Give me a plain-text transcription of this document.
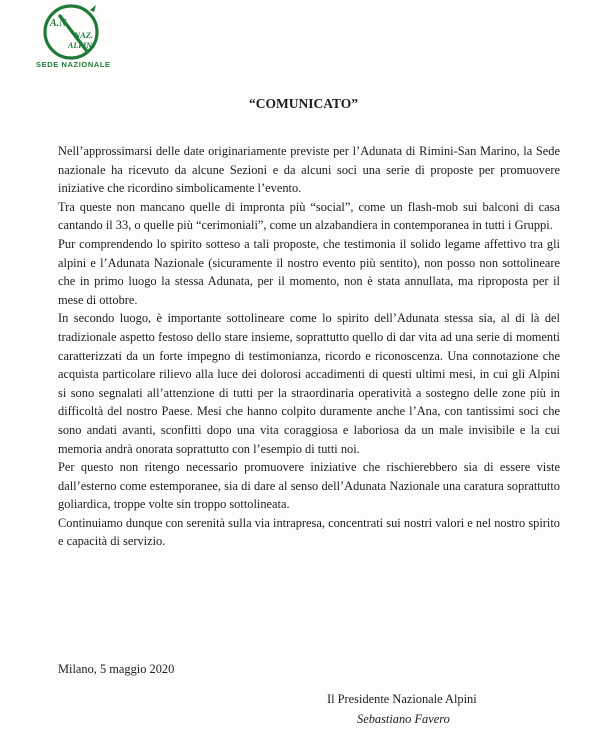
A.N.
NAZ.
ALPINI
SEDE NAZIONALE
“COMUNICATO”

Nell’approssimarsi delle date originariamente previste per l’Adunata di Rimini-San Marino, la Sede nazionale ha ricevuto da alcune Sezioni e da alcuni soci una serie di proposte per promuovere iniziative che ricordino simbolicamente l’evento.

Tra queste non mancano quelle di impronta più “social”, come un flash-mob sui balconi di casa cantando il 33, o quelle più “cerimoniali”, come un alzabandiera in contemporanea in tutti i Gruppi.

Pur comprendendo lo spirito sotteso a tali proposte, che testimonia il solido legame affettivo tra gli alpini e l’Adunata Nazionale (sicuramente il nostro evento più sentito), non posso non sottolineare che in primo luogo la stessa Adunata, per il momento, non è stata annullata, ma riproposta per il mese di ottobre.

In secondo luogo, è importante sottolineare come lo spirito dell’Adunata stessa sia, al di là del tradizionale aspetto festoso dello stare insieme, soprattutto quello di dar vita ad una serie di momenti caratterizzati da un forte impegno di testimonianza, ricordo e riconoscenza. Una connotazione che acquista particolare rilievo alla luce dei dolorosi accadimenti di questi ultimi mesi, in cui gli Alpini si sono segnalati all’attenzione di tutti per la straordinaria operatività a sostegno delle zone più in difficoltà del nostro Paese. Mesi che hanno colpito duramente anche l’Ana, con tantissimi soci che sono andati avanti, sconfitti dopo una vita coraggiosa e laboriosa da un male invisibile e la cui memoria andrà onorata soprattutto con l’esempio di tutti noi.

Per questo non ritengo necessario promuovere iniziative che rischierebbero sia di essere viste dall’esterno come estemporanee, sia di dare al senso dell’Adunata Nazionale una caratura soprattutto goliardica, troppe volte sin troppo sottolineata.

Continuiamo dunque con serenità sulla via intrapresa, concentrati sui nostri valori e nel nostro spirito e capacità di servizio.

Milano, 5 maggio 2020
Il Presidente Nazionale Alpini
Sebastiano Favero
